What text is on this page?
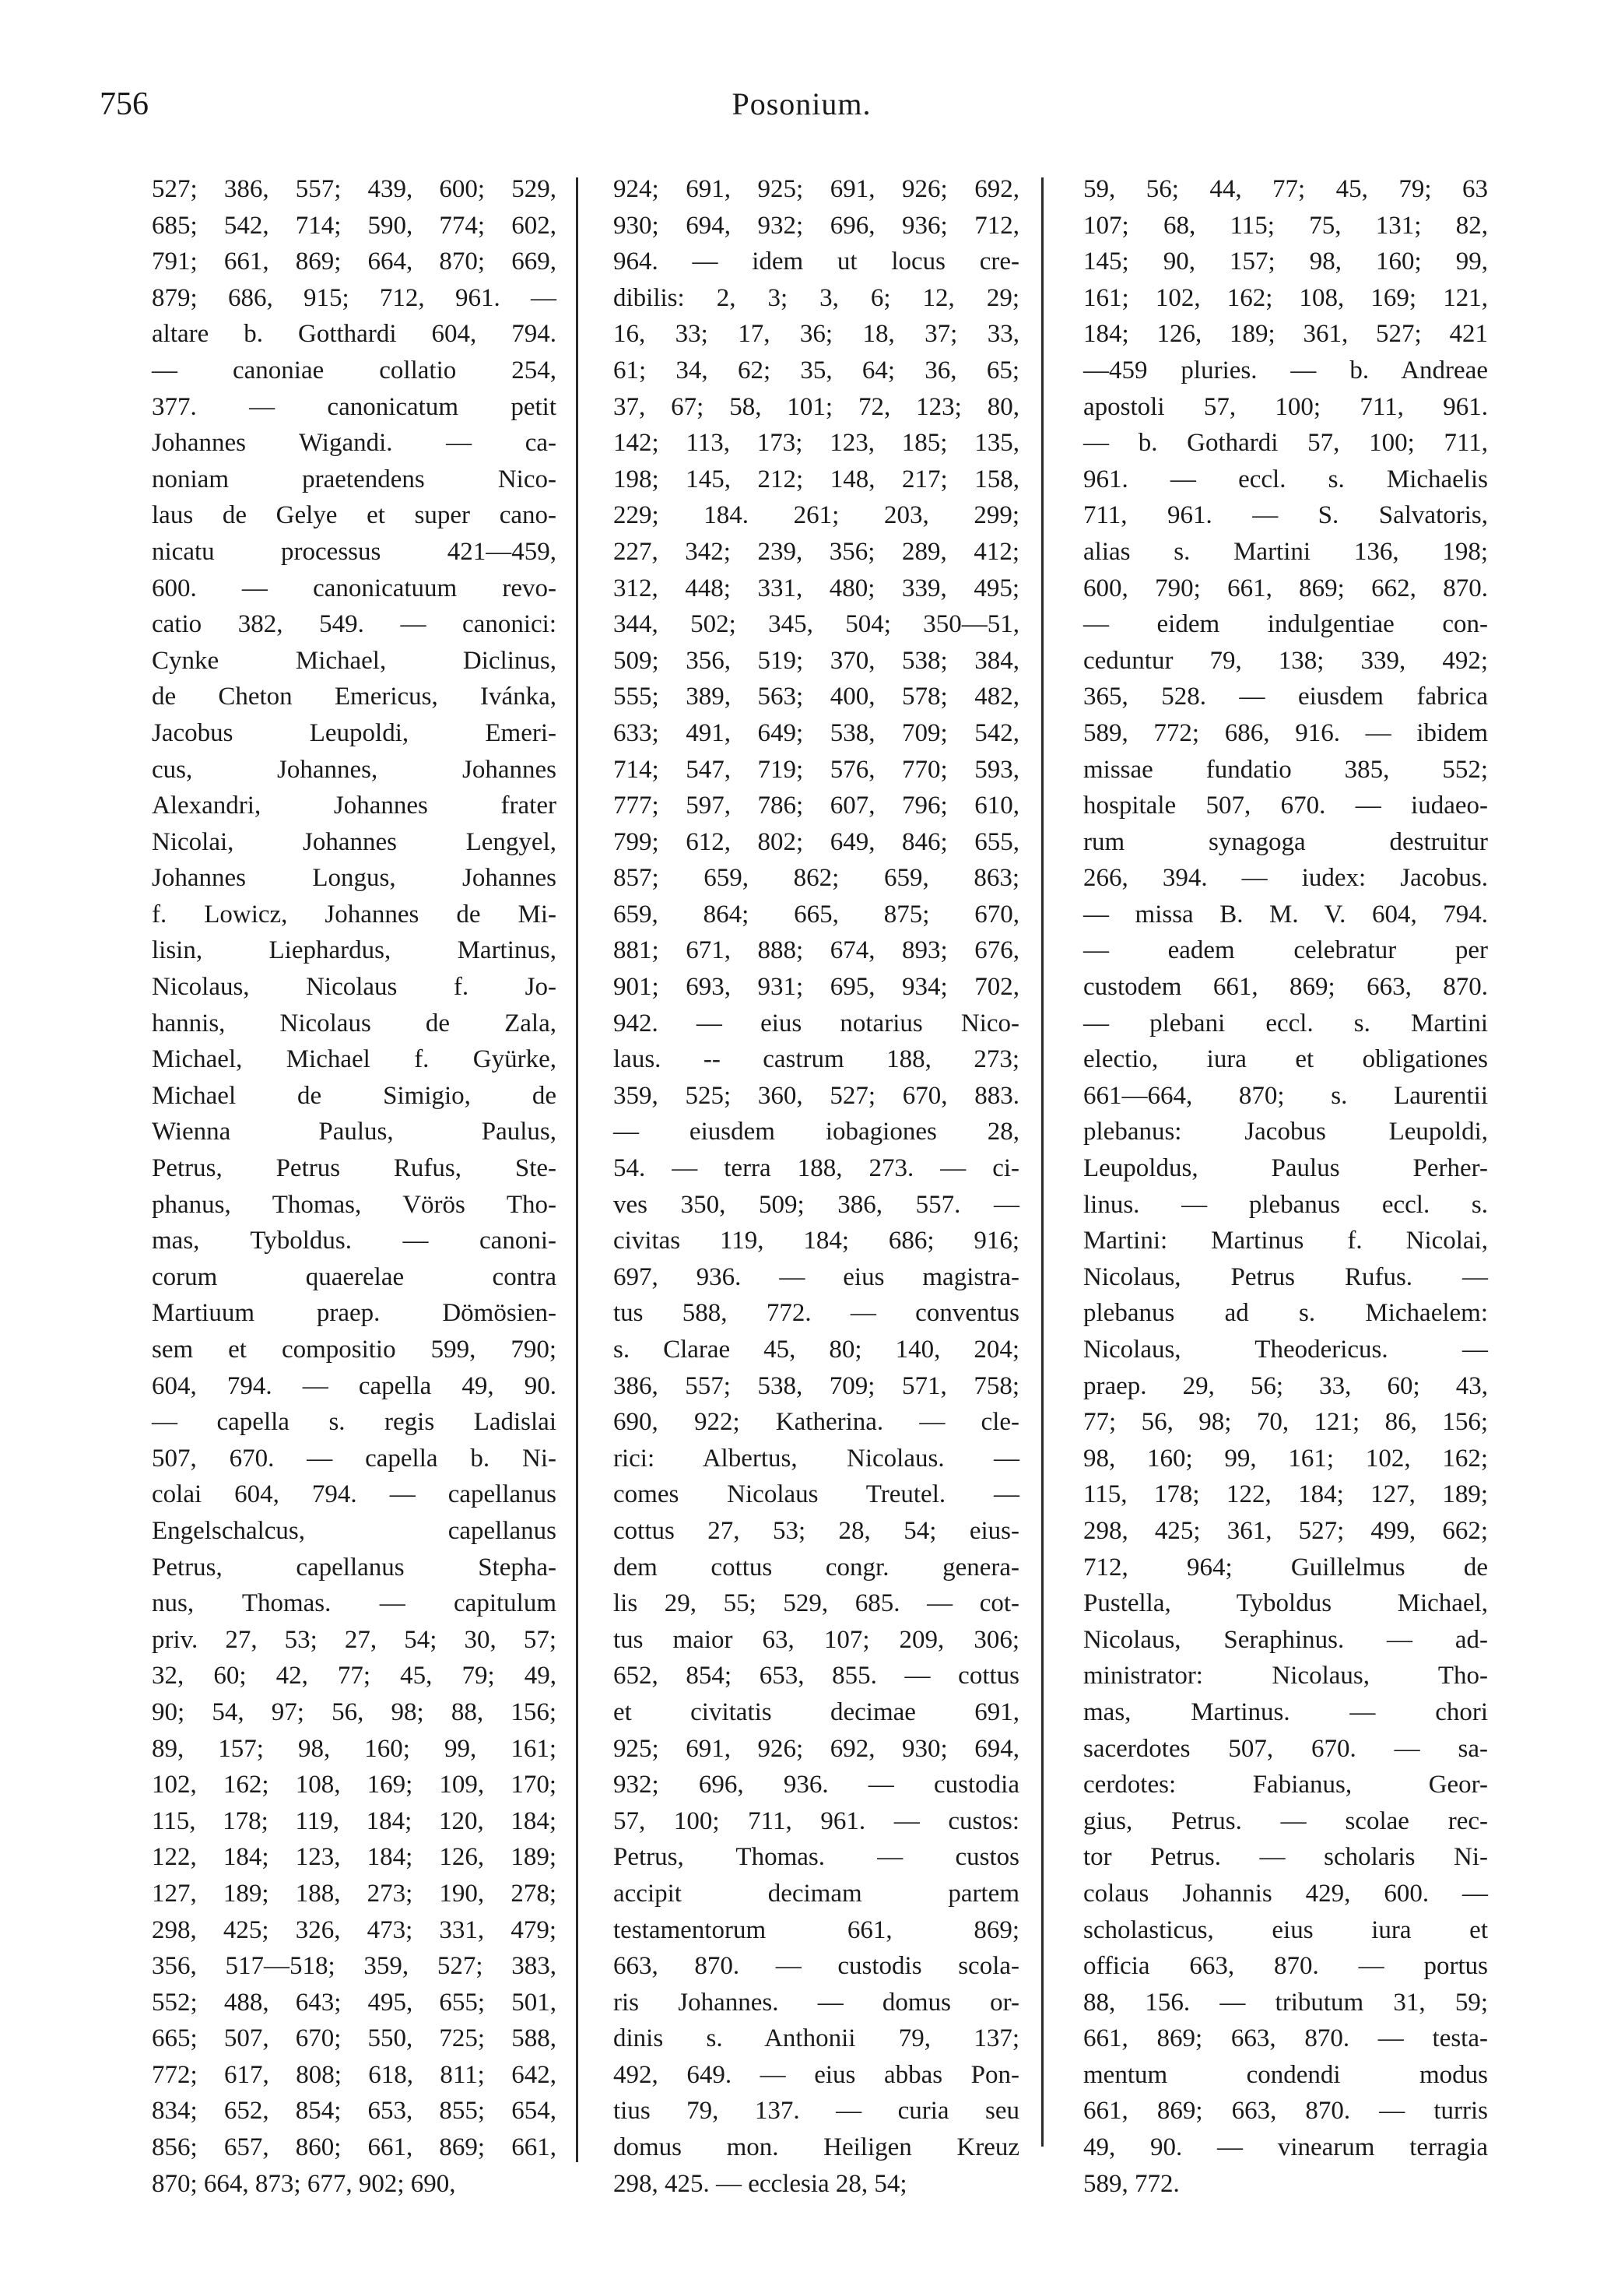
756	Posonium.
527; 386, 557; 439, 600; 529,
685; 542, 714; 590, 774; 602,
791; 661, 869; 664, 870; 669,
879; 686, 915; 712, 961. —
altare b. Gotthardi 604, 794.
— canoniae collatio 254,
377. — canonicatum petit
Johannes Wigandi. — ca-
noniam praetendens Nico-
laus de Gelye et super cano-
nicatu processus 421—459,
600. — canonicatuum revo-
catio 382, 549. — canonici:
Cynke Michael, Diclinus,
de Cheton Emericus, Ivánka,
Jacobus Leupoldi, Emeri-
cus, Johannes, Johannes
Alexandri, Johannes frater
Nicolai, Johannes Lengyel,
Johannes Longus, Johannes
f. Lowicz, Johannes de Mi-
lisin, Liephardus, Martinus,
Nicolaus, Nicolaus f. Jo-
hannis, Nicolaus de Zala,
Michael, Michael f. Gyürke,
Michael de Simigio, de
Wienna Paulus, Paulus,
Petrus, Petrus Rufus, Ste-
phanus, Thomas, Vörös Tho-
mas, Tyboldus. — canoni-
corum quaerelae contra
Martiuum praep. Dömösien-
sem et compositio 599, 790;
604, 794. — capella 49, 90.
— capella s. regis Ladislai
507, 670. — capella b. Ni-
colai 604, 794. — capellanus
Engelschalcus, capellanus
Petrus, capellanus Stepha-
nus, Thomas. — capitulum
priv. 27, 53; 27, 54; 30, 57;
32, 60; 42, 77; 45, 79; 49,
90; 54, 97; 56, 98; 88, 156;
89, 157; 98, 160; 99, 161;
102, 162; 108, 169; 109, 170;
115, 178; 119, 184; 120, 184;
122, 184; 123, 184; 126, 189;
127, 189; 188, 273; 190, 278;
298, 425; 326, 473; 331, 479;
356, 517—518; 359, 527; 383,
552; 488, 643; 495, 655; 501,
665; 507, 670; 550, 725; 588,
772; 617, 808; 618, 811; 642,
834; 652, 854; 653, 855; 654,
856; 657, 860; 661, 869; 661,
870; 664, 873; 677, 902; 690,
924; 691, 925; 691, 926; 692,
930; 694, 932; 696, 936; 712,
964. — idem ut locus cre-
dibilis: 2, 3; 3, 6; 12, 29;
16, 33; 17, 36; 18, 37; 33,
61; 34, 62; 35, 64; 36, 65;
37, 67; 58, 101; 72, 123; 80,
142; 113, 173; 123, 185; 135,
198; 145, 212; 148, 217; 158,
229; 184. 261; 203, 299;
227, 342; 239, 356; 289, 412;
312, 448; 331, 480; 339, 495;
344, 502; 345, 504; 350—51,
509; 356, 519; 370, 538; 384,
555; 389, 563; 400, 578; 482,
633; 491, 649; 538, 709; 542,
714; 547, 719; 576, 770; 593,
777; 597, 786; 607, 796; 610,
799; 612, 802; 649, 846; 655,
857; 659, 862; 659, 863;
659, 864; 665, 875; 670,
881; 671, 888; 674, 893; 676,
901; 693, 931; 695, 934; 702,
942. — eius notarius Nico-
laus. -- castrum 188, 273;
359, 525; 360, 527; 670, 883.
— eiusdem iobagiones 28,
54. — terra 188, 273. — ci-
ves 350, 509; 386, 557. —
civitas 119, 184; 686; 916;
697, 936. — eius magistra-
tus 588, 772. — conventus
s. Clarae 45, 80; 140, 204;
386, 557; 538, 709; 571, 758;
690, 922; Katherina. — cle-
rici: Albertus, Nicolaus. —
comes Nicolaus Treutel. —
cottus 27, 53; 28, 54; eius-
dem cottus congr. genera-
lis 29, 55; 529, 685. — cot-
tus maior 63, 107; 209, 306;
652, 854; 653, 855. — cottus
et civitatis decimae 691,
925; 691, 926; 692, 930; 694,
932; 696, 936. — custodia
57, 100; 711, 961. — custos:
Petrus, Thomas. — custos
accipit decimam partem
testamentorum 661, 869;
663, 870. — custodis scola-
ris Johannes. — domus or-
dinis s. Anthonii 79, 137;
492, 649. — eius abbas Pon-
tius 79, 137. — curia seu
domus mon. Heiligen Kreuz
298, 425. — ecclesia 28, 54;
59, 56; 44, 77; 45, 79; 63
107; 68, 115; 75, 131; 82,
145; 90, 157; 98, 160; 99,
161; 102, 162; 108, 169; 121,
184; 126, 189; 361, 527; 421
—459 pluries. — b. Andreae
apostoli 57, 100; 711, 961.
— b. Gothardi 57, 100; 711,
961. — eccl. s. Michaelis
711, 961. — S. Salvatoris,
alias s. Martini 136, 198;
600, 790; 661, 869; 662, 870.
— eidem indulgentiae con-
ceduntur 79, 138; 339, 492;
365, 528. — eiusdem fabrica
589, 772; 686, 916. — ibidem
missae fundatio 385, 552;
hospitale 507, 670. — iudaeo-
rum synagoga destruitur
266, 394. — iudex: Jacobus.
— missa B. M. V. 604, 794.
— eadem celebratur per
custodem 661, 869; 663, 870.
— plebani eccl. s. Martini
electio, iura et obligationes
661—664, 870; s. Laurentii
plebanus: Jacobus Leupoldi,
Leupoldus, Paulus Perher-
linus. — plebanus eccl. s.
Martini: Martinus f. Nicolai,
Nicolaus, Petrus Rufus. —
plebanus ad s. Michaelem:
Nicolaus, Theodericus. —
praep. 29, 56; 33, 60; 43,
77; 56, 98; 70, 121; 86, 156;
98, 160; 99, 161; 102, 162;
115, 178; 122, 184; 127, 189;
298, 425; 361, 527; 499, 662;
712, 964; Guillelmus de
Pustella, Tyboldus Michael,
Nicolaus, Seraphinus. — ad-
ministrator: Nicolaus, Tho-
mas, Martinus. — chori
sacerdotes 507, 670. — sa-
cerdotes: Fabianus, Geor-
gius, Petrus. — scolae rec-
tor Petrus. — scholaris Ni-
colaus Johannis 429, 600. —
scholasticus, eius iura et
officia 663, 870. — portus
88, 156. — tributum 31, 59;
661, 869; 663, 870. — testa-
mentum condendi modus
661, 869; 663, 870. — turris
49, 90. — vinearum terragia
589, 772.
